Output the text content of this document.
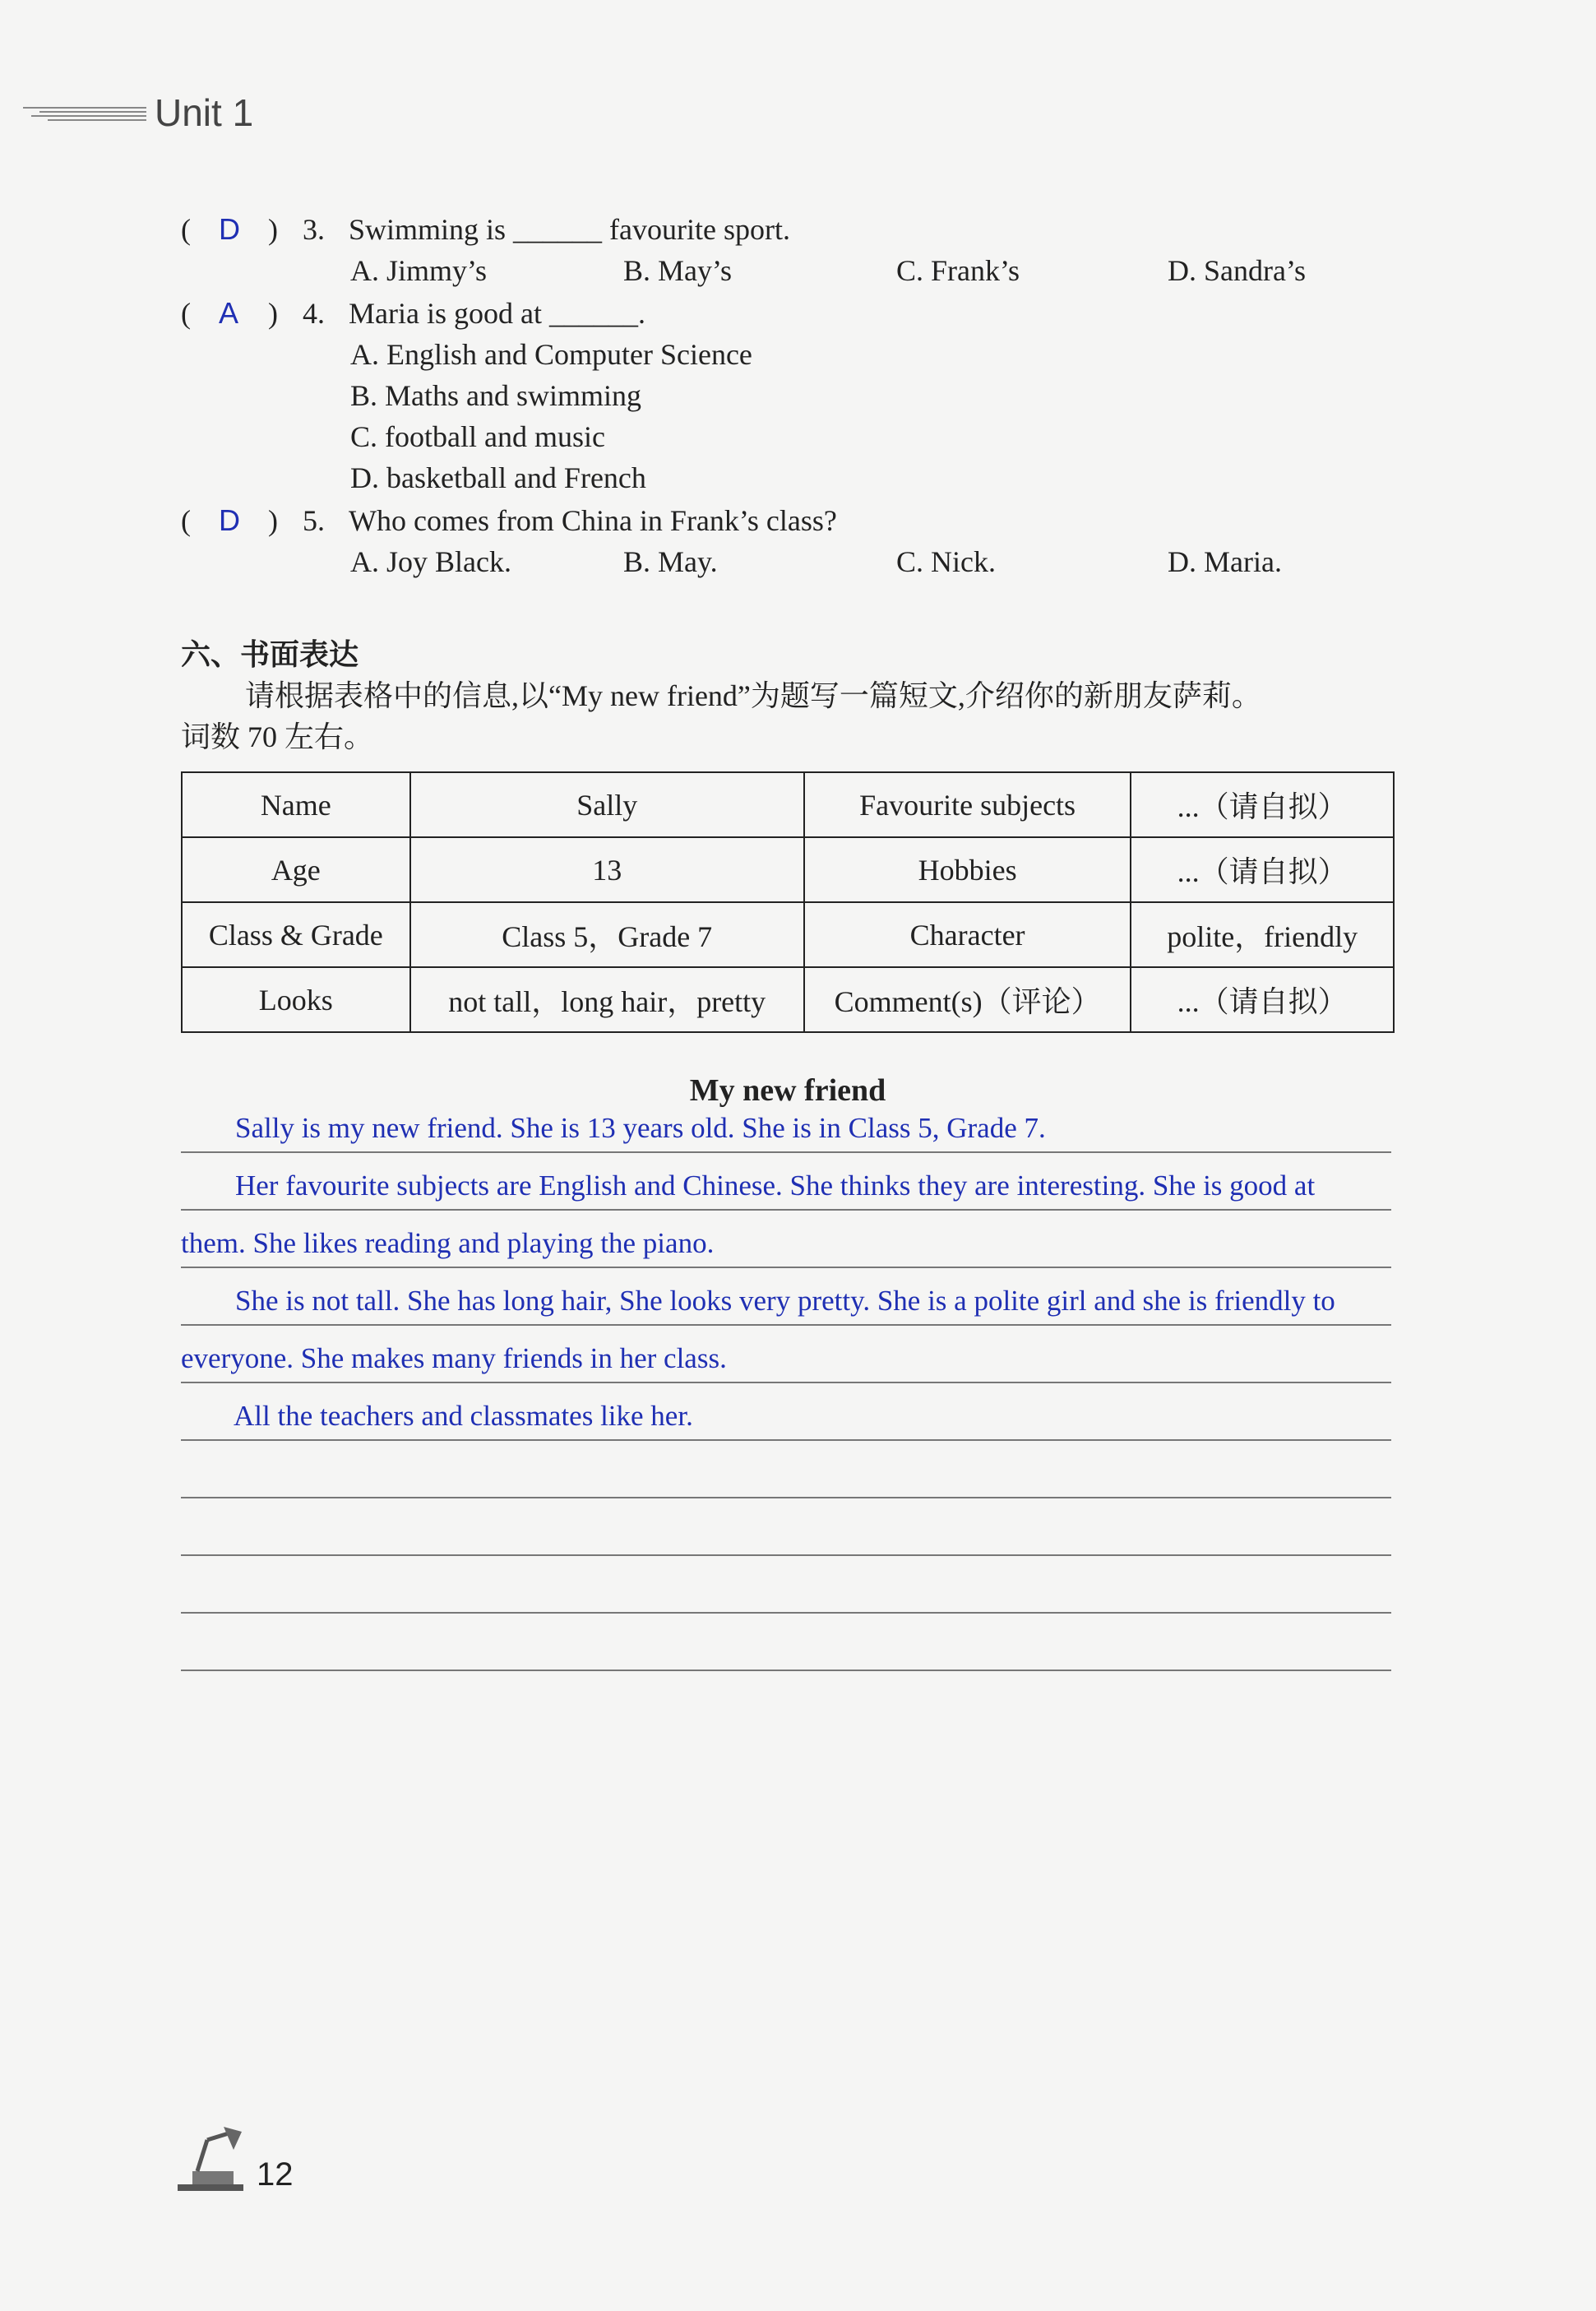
Unit 1
( D ) 3. Swimming is ______ favourite sport.
A. Jimmy’s	B. May’s	C. Frank’s	D. Sandra’s
( A ) 4. Maria is good at ______.
A. English and Computer Science
B. Maths and swimming
C. football and music
D. basketball and French
( D ) 5. Who comes from China in Frank’s class?
A. Joy Black.	B. May.	C. Nick.	D. Maria.
六、书面表达
请根据表格中的信息,以“My new friend”为题写一篇短文,介绍你的新朋友萨莉。
词数 70 左右。
Name	Sally	Favourite subjects	...（请自拟）
Age	13	Hobbies	...（请自拟）
Class & Grade	Class 5，Grade 7	Character	polite，friendly
Looks	not tall，long hair，pretty	Comment(s)（评论）	...（请自拟）
My new friend
Sally is my new friend. She is 13 years old. She is in Class 5, Grade 7.
Her favourite subjects are English and Chinese. She thinks they are interesting. She is good at
them. She likes reading and playing the piano.
She is not tall. She has long hair, She looks very pretty. She is a polite girl and she is friendly to
everyone. She makes many friends in her class.
All the teachers and classmates like her.
12
